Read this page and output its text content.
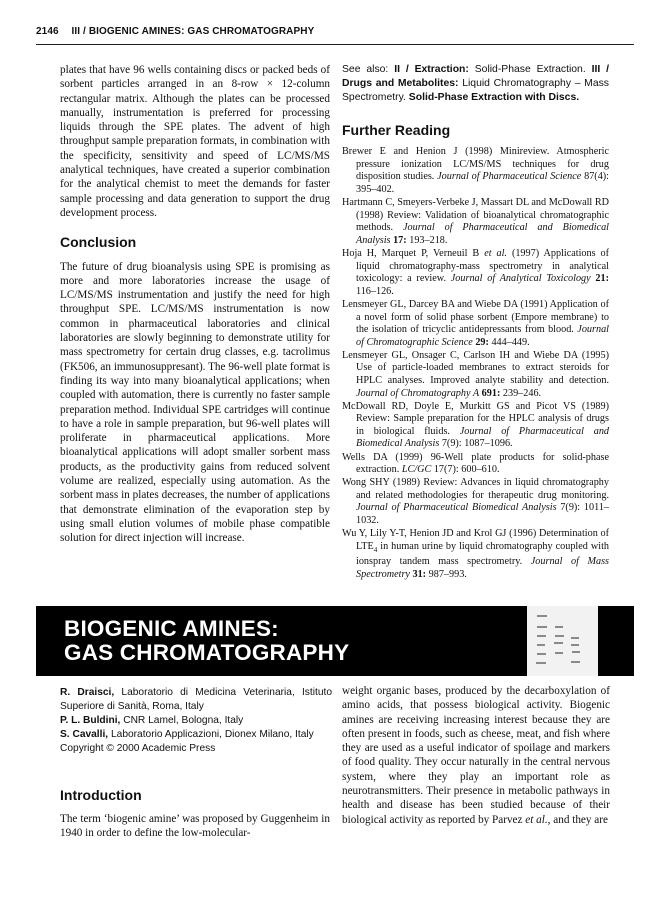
2146 III / BIOGENIC AMINES: GAS CHROMATOGRAPHY

plates that have 96 wells containing discs or packed beds of sorbent particles arranged in an 8-row × 12-column rectangular matrix. Although the plates can be processed manually, instrumentation is preferred for processing liquids through the SPE plates. The advent of high throughput sample preparation formats, in combination with the specificity, sensitivity and speed of LC/MS/MS analytical techniques, have created a superior combination for the analytical chemist to meet the demands for faster sample processing and data generation to support the drug development process.

Conclusion

The future of drug bioanalysis using SPE is promising as more and more laboratories increase the usage of LC/MS/MS instrumentation and justify the need for high throughput SPE. LC/MS/MS instrumentation is now common in pharmaceutical laboratories and clinical laboratories are slowly beginning to demonstrate utility for mass spectrometry for certain drug classes, e.g. tacrolimus (FK506, an immunosuppresant). The 96-well plate format is finding its way into many bioanalytical applications; when coupled with automation, there is currently no faster sample preparation method. Individual SPE cartridges will continue to have a role in sample preparation, but 96-well plates will proliferate in pharmaceutical applications. More bioanalytical applications will adopt smaller sorbent mass products, as the productivity gains from reduced solvent volume are realized, especially using automation. As the sorbent mass in plates decreases, the number of applications that demonstrate elimination of the evaporation step by using small elution volumes of mobile phase compatible solution for direct injection will increase.

See also: II / Extraction: Solid-Phase Extraction. III / Drugs and Metabolites: Liquid Chromatography – Mass Spectrometry. Solid-Phase Extraction with Discs.
Further Reading
Brewer E and Henion J (1998) Minireview. Atmospheric pressure ionization LC/MS/MS techniques for drug disposition studies. Journal of Pharmaceutical Science 87(4): 395–402.
Hartmann C, Smeyers-Verbeke J, Massart DL and McDowall RD (1998) Review: Validation of bioanalytical chromatographic methods. Journal of Pharmaceutical and Biomedical Analysis 17: 193–218.
Hoja H, Marquet P, Verneuil B et al. (1997) Applications of liquid chromatography-mass spectrometry in analytical toxicology: a review. Journal of Analytical Toxicology 21: 116–126.
Lensmeyer GL, Darcey BA and Wiebe DA (1991) Application of a novel form of solid phase sorbent (Empore membrane) to the isolation of tricyclic antidepressants from blood. Journal of Chromatographic Science 29: 444–449.
Lensmeyer GL, Onsager C, Carlson IH and Wiebe DA (1995) Use of particle-loaded membranes to extract steroids for HPLC analyses. Improved analyte stability and detection. Journal of Chromatography A 691: 239–246.
McDowall RD, Doyle E, Murkitt GS and Picot VS (1989) Review: Sample preparation for the HPLC analysis of drugs in biological fluids. Journal of Pharmaceutical and Biomedical Analysis 7(9): 1087–1096.
Wells DA (1999) 96-Well plate products for solid-phase extraction. LC/GC 17(7): 600–610.
Wong SHY (1989) Review: Advances in liquid chromatography and related methodologies for therapeutic drug monitoring. Journal of Pharmaceutical Biomedical Analysis 7(9): 1011–1032.
Wu Y, Lily Y-T, Henion JD and Krol GJ (1996) Determination of $LTE_4$ in human urine by liquid chromatography coupled with ionspray tandem mass spectrometry. Journal of Mass Spectrometry 31: 987–993.
BIOGENIC AMINES:
GAS CHROMATOGRAPHY

R. Draisci, Laboratorio di Medicina Veterinaria, Istituto Superiore di Sanità, Roma, Italy

P. L. Buldini, CNR Lamel, Bologna, Italy

S. Cavalli, Laboratorio Applicazioni, Dionex Milano, Italy

Copyright © 2000 Academic Press

Introduction

The term ‘biogenic amine’ was proposed by Guggenheim in 1940 in order to define the low-molecular-

weight organic bases, produced by the decarboxylation of amino acids, that possess biological activity. Biogenic amines are receiving increasing interest because they are often present in foods, such as cheese, meat, and fish where they are used as a useful indicator of spoilage and markers of food quality. They occur naturally in the central nervous system, where they play an important role as neurotransmitters. Their presence in metabolic pathways in health and disease has been studied because of their biological activity as reported by Parvez et al., and they are
